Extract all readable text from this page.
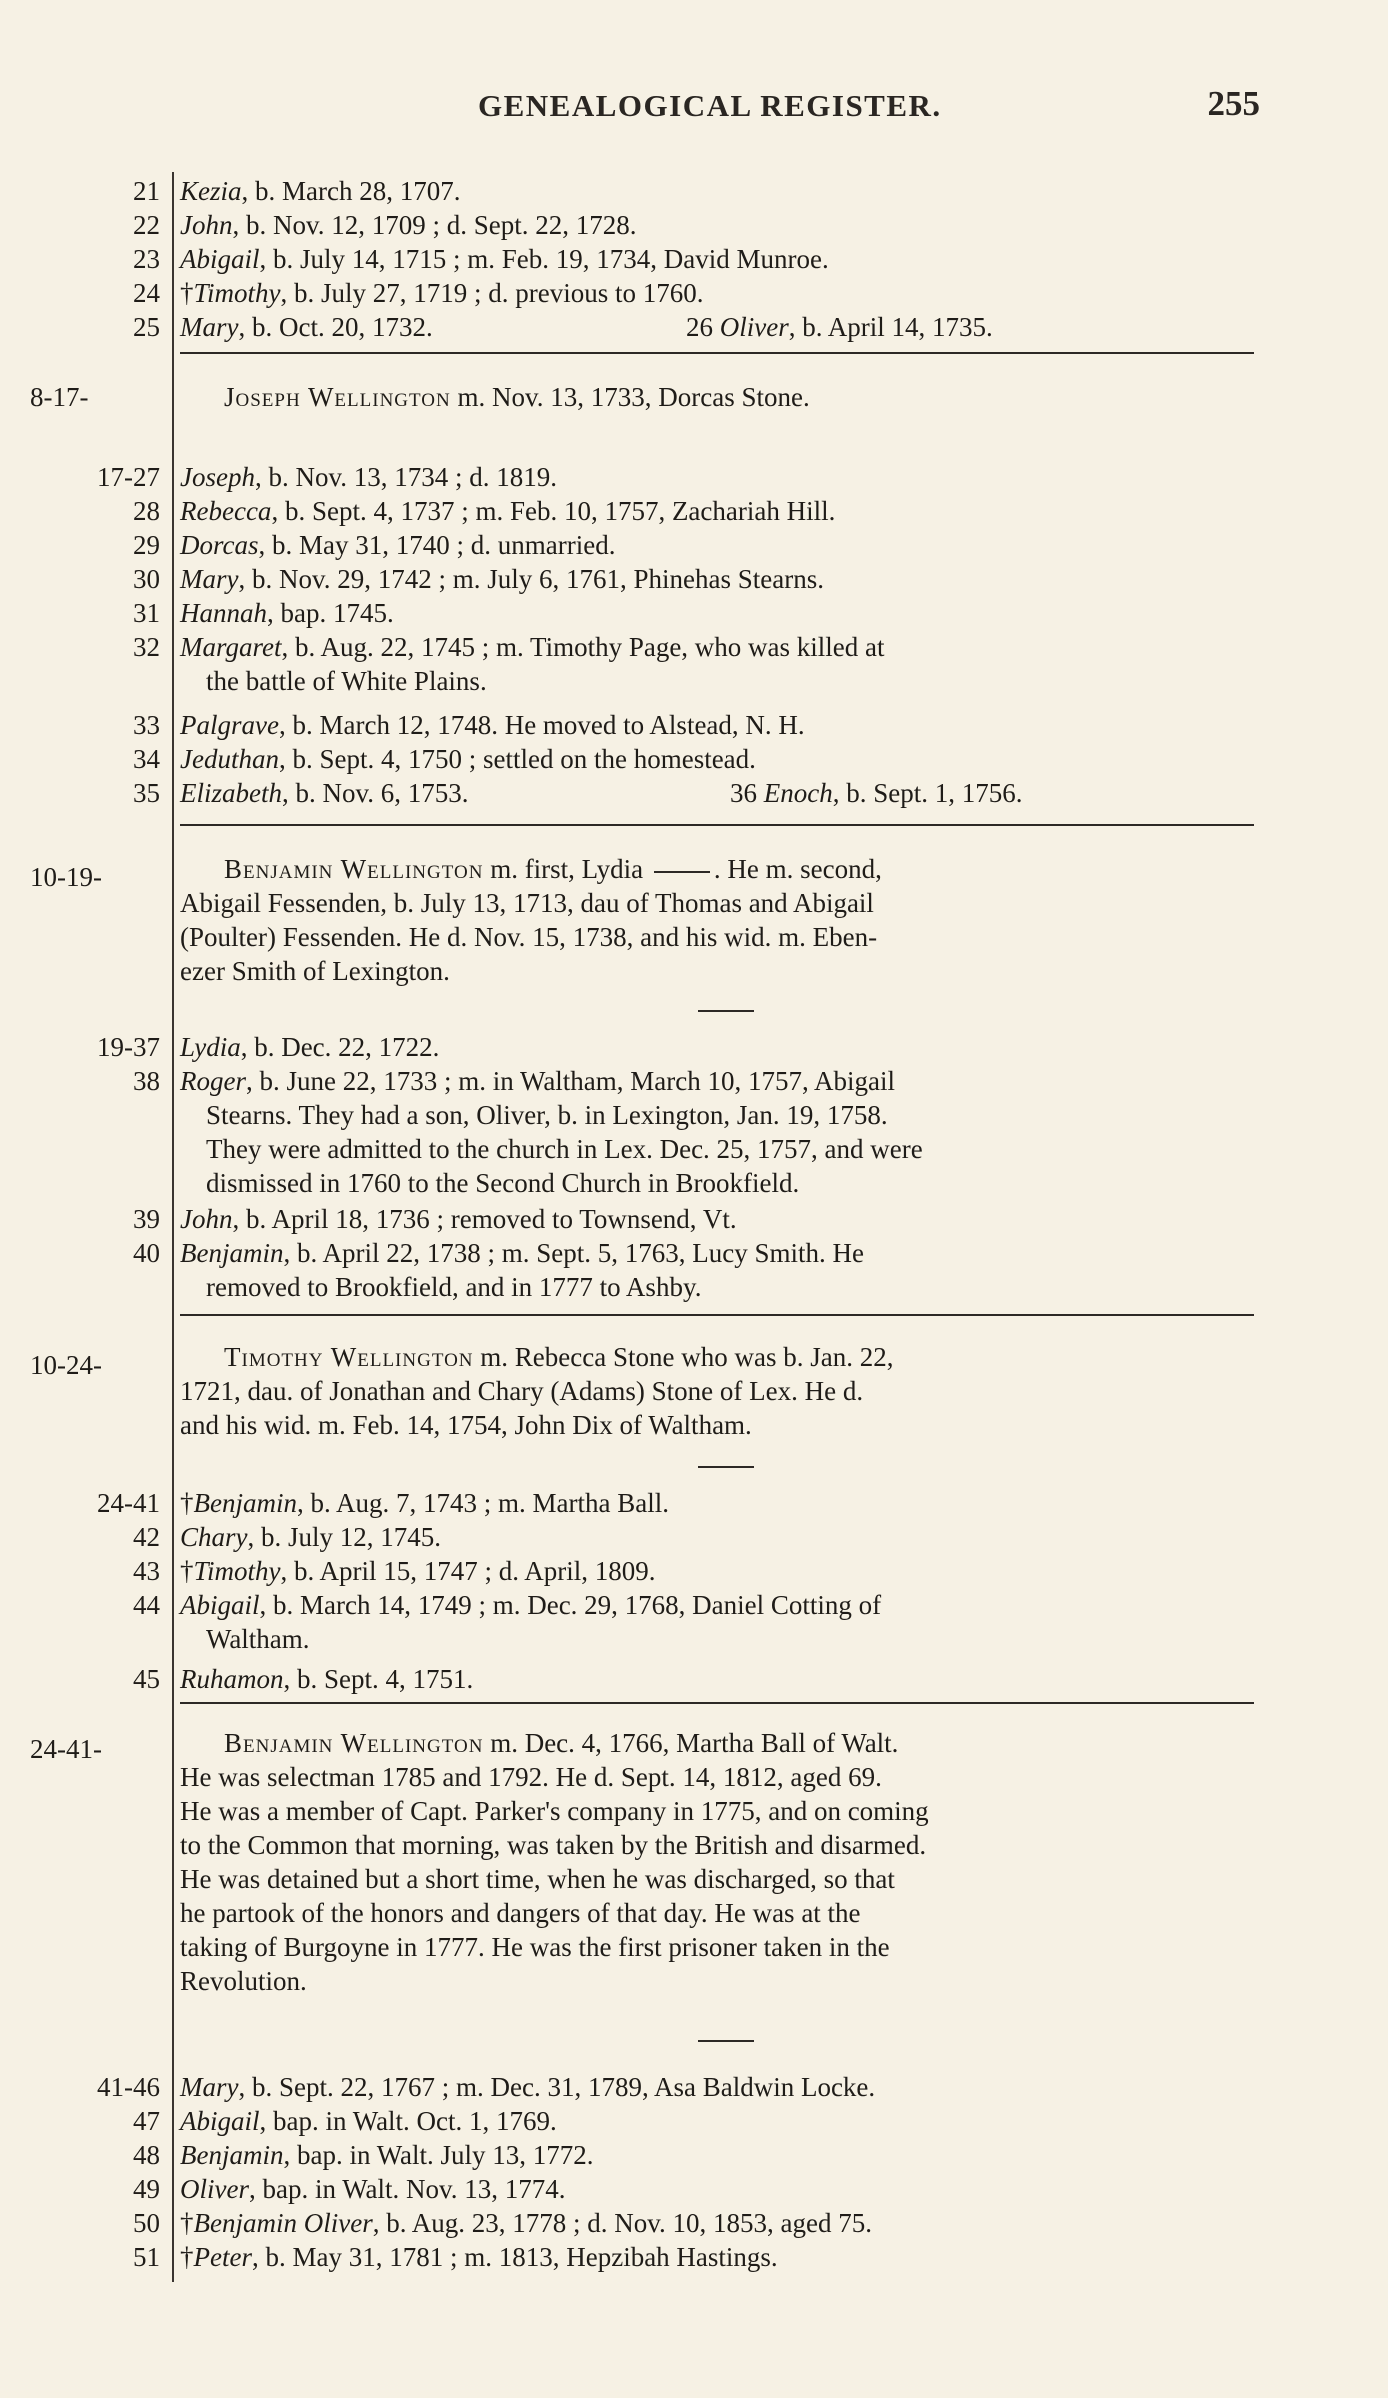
GENEALOGICAL REGISTER.	255
21 Kezia, b. March 28, 1707.
22 John, b. Nov. 12, 1709 ; d. Sept. 22, 1728.
23 Abigail, b. July 14, 1715 ; m. Feb. 19, 1734, David Munroe.
24 †Timothy, b. July 27, 1719 ; d. previous to 1760.
25 Mary, b. Oct. 20, 1732.	26 Oliver, b. April 14, 1735.
8-17-	Joseph Wellington m. Nov. 13, 1733, Dorcas Stone.
17-27 Joseph, b. Nov. 13, 1734 ; d. 1819.
28 Rebecca, b. Sept. 4, 1737 ; m. Feb. 10, 1757, Zachariah Hill.
29 Dorcas, b. May 31, 1740 ; d. unmarried.
30 Mary, b. Nov. 29, 1742 ; m. July 6, 1761, Phinehas Stearns.
31 Hannah, bap. 1745.
32 Margaret, b. Aug. 22, 1745 ; m. Timothy Page, who was killed at
the battle of White Plains.
33 Palgrave, b. March 12, 1748. He moved to Alstead, N. H.
34 Jeduthan, b. Sept. 4, 1750 ; settled on the homestead.
35 Elizabeth, b. Nov. 6, 1753.	36 Enoch, b. Sept. 1, 1756.
10-19-	Benjamin Wellington m. first, Lydia . He m. second,
Abigail Fessenden, b. July 13, 1713, dau of Thomas and Abigail
(Poulter) Fessenden. He d. Nov. 15, 1738, and his wid. m. Eben-
ezer Smith of Lexington.
19-37 Lydia, b. Dec. 22, 1722.
38 Roger, b. June 22, 1733 ; m. in Waltham, March 10, 1757, Abigail
Stearns. They had a son, Oliver, b. in Lexington, Jan. 19, 1758.
They were admitted to the church in Lex. Dec. 25, 1757, and were
dismissed in 1760 to the Second Church in Brookfield.
39 John, b. April 18, 1736 ; removed to Townsend, Vt.
40 Benjamin, b. April 22, 1738 ; m. Sept. 5, 1763, Lucy Smith. He
removed to Brookfield, and in 1777 to Ashby.
10-24-	Timothy Wellington m. Rebecca Stone who was b. Jan. 22,
1721, dau. of Jonathan and Chary (Adams) Stone of Lex. He d.
and his wid. m. Feb. 14, 1754, John Dix of Waltham.
24-41 †Benjamin, b. Aug. 7, 1743 ; m. Martha Ball.
42 Chary, b. July 12, 1745.
43 †Timothy, b. April 15, 1747 ; d. April, 1809.
44 Abigail, b. March 14, 1749 ; m. Dec. 29, 1768, Daniel Cotting of
Waltham.
45 Ruhamon, b. Sept. 4, 1751.
24-41-	Benjamin Wellington m. Dec. 4, 1766, Martha Ball of Walt.
He was selectman 1785 and 1792. He d. Sept. 14, 1812, aged 69.
He was a member of Capt. Parker's company in 1775, and on coming
to the Common that morning, was taken by the British and disarmed.
He was detained but a short time, when he was discharged, so that
he partook of the honors and dangers of that day. He was at the
taking of Burgoyne in 1777. He was the first prisoner taken in the
Revolution.
41-46 Mary, b. Sept. 22, 1767 ; m. Dec. 31, 1789, Asa Baldwin Locke.
47 Abigail, bap. in Walt. Oct. 1, 1769.
48 Benjamin, bap. in Walt. July 13, 1772.
49 Oliver, bap. in Walt. Nov. 13, 1774.
50 †Benjamin Oliver, b. Aug. 23, 1778 ; d. Nov. 10, 1853, aged 75.
51 †Peter, b. May 31, 1781 ; m. 1813, Hepzibah Hastings.
